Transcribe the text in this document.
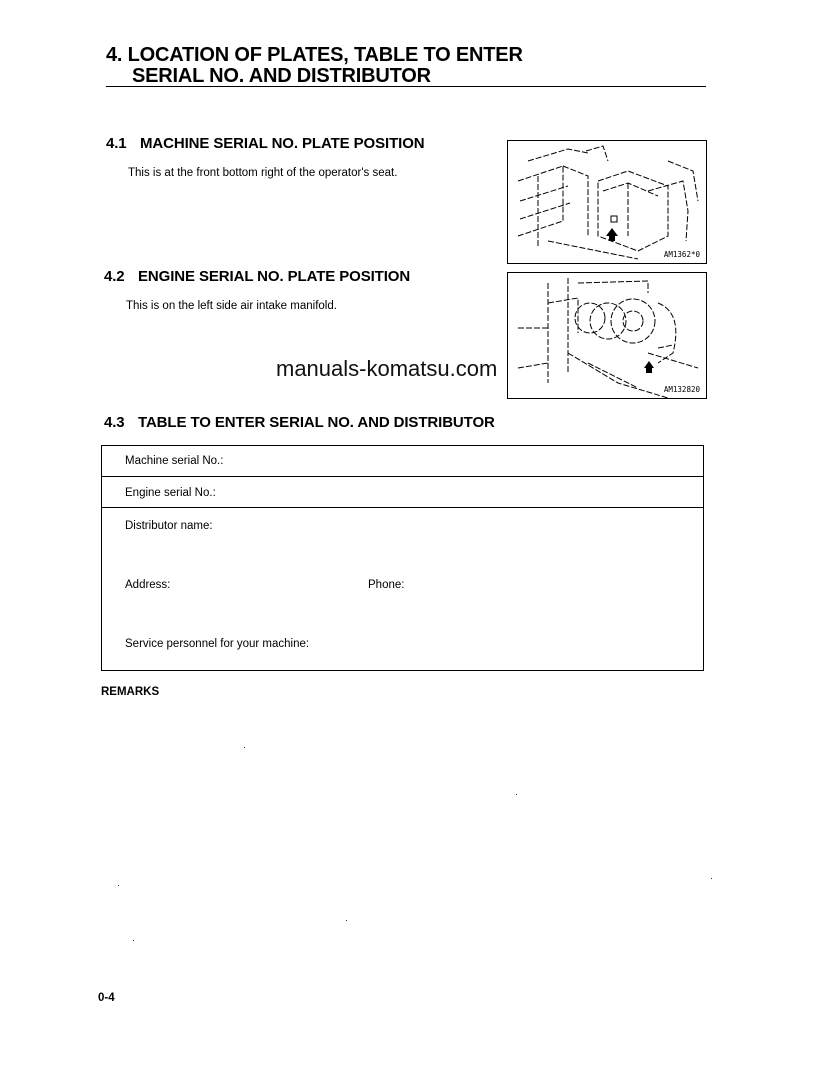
4. LOCATION OF PLATES, TABLE TO ENTER
SERIAL NO. AND DISTRIBUTOR
4.1 MACHINE SERIAL NO. PLATE POSITION
This is at the front bottom right of the operator's seat.
AM1362*0
4.2 ENGINE SERIAL NO. PLATE POSITION
This is on the left side air intake manifold.
AM132820
manuals-komatsu.com
4.3 TABLE TO ENTER SERIAL NO. AND DISTRIBUTOR
Machine serial No.:
Engine serial No.:
Distributor name:
Address:	Phone:
Service personnel for your machine:
REMARKS
0-4
